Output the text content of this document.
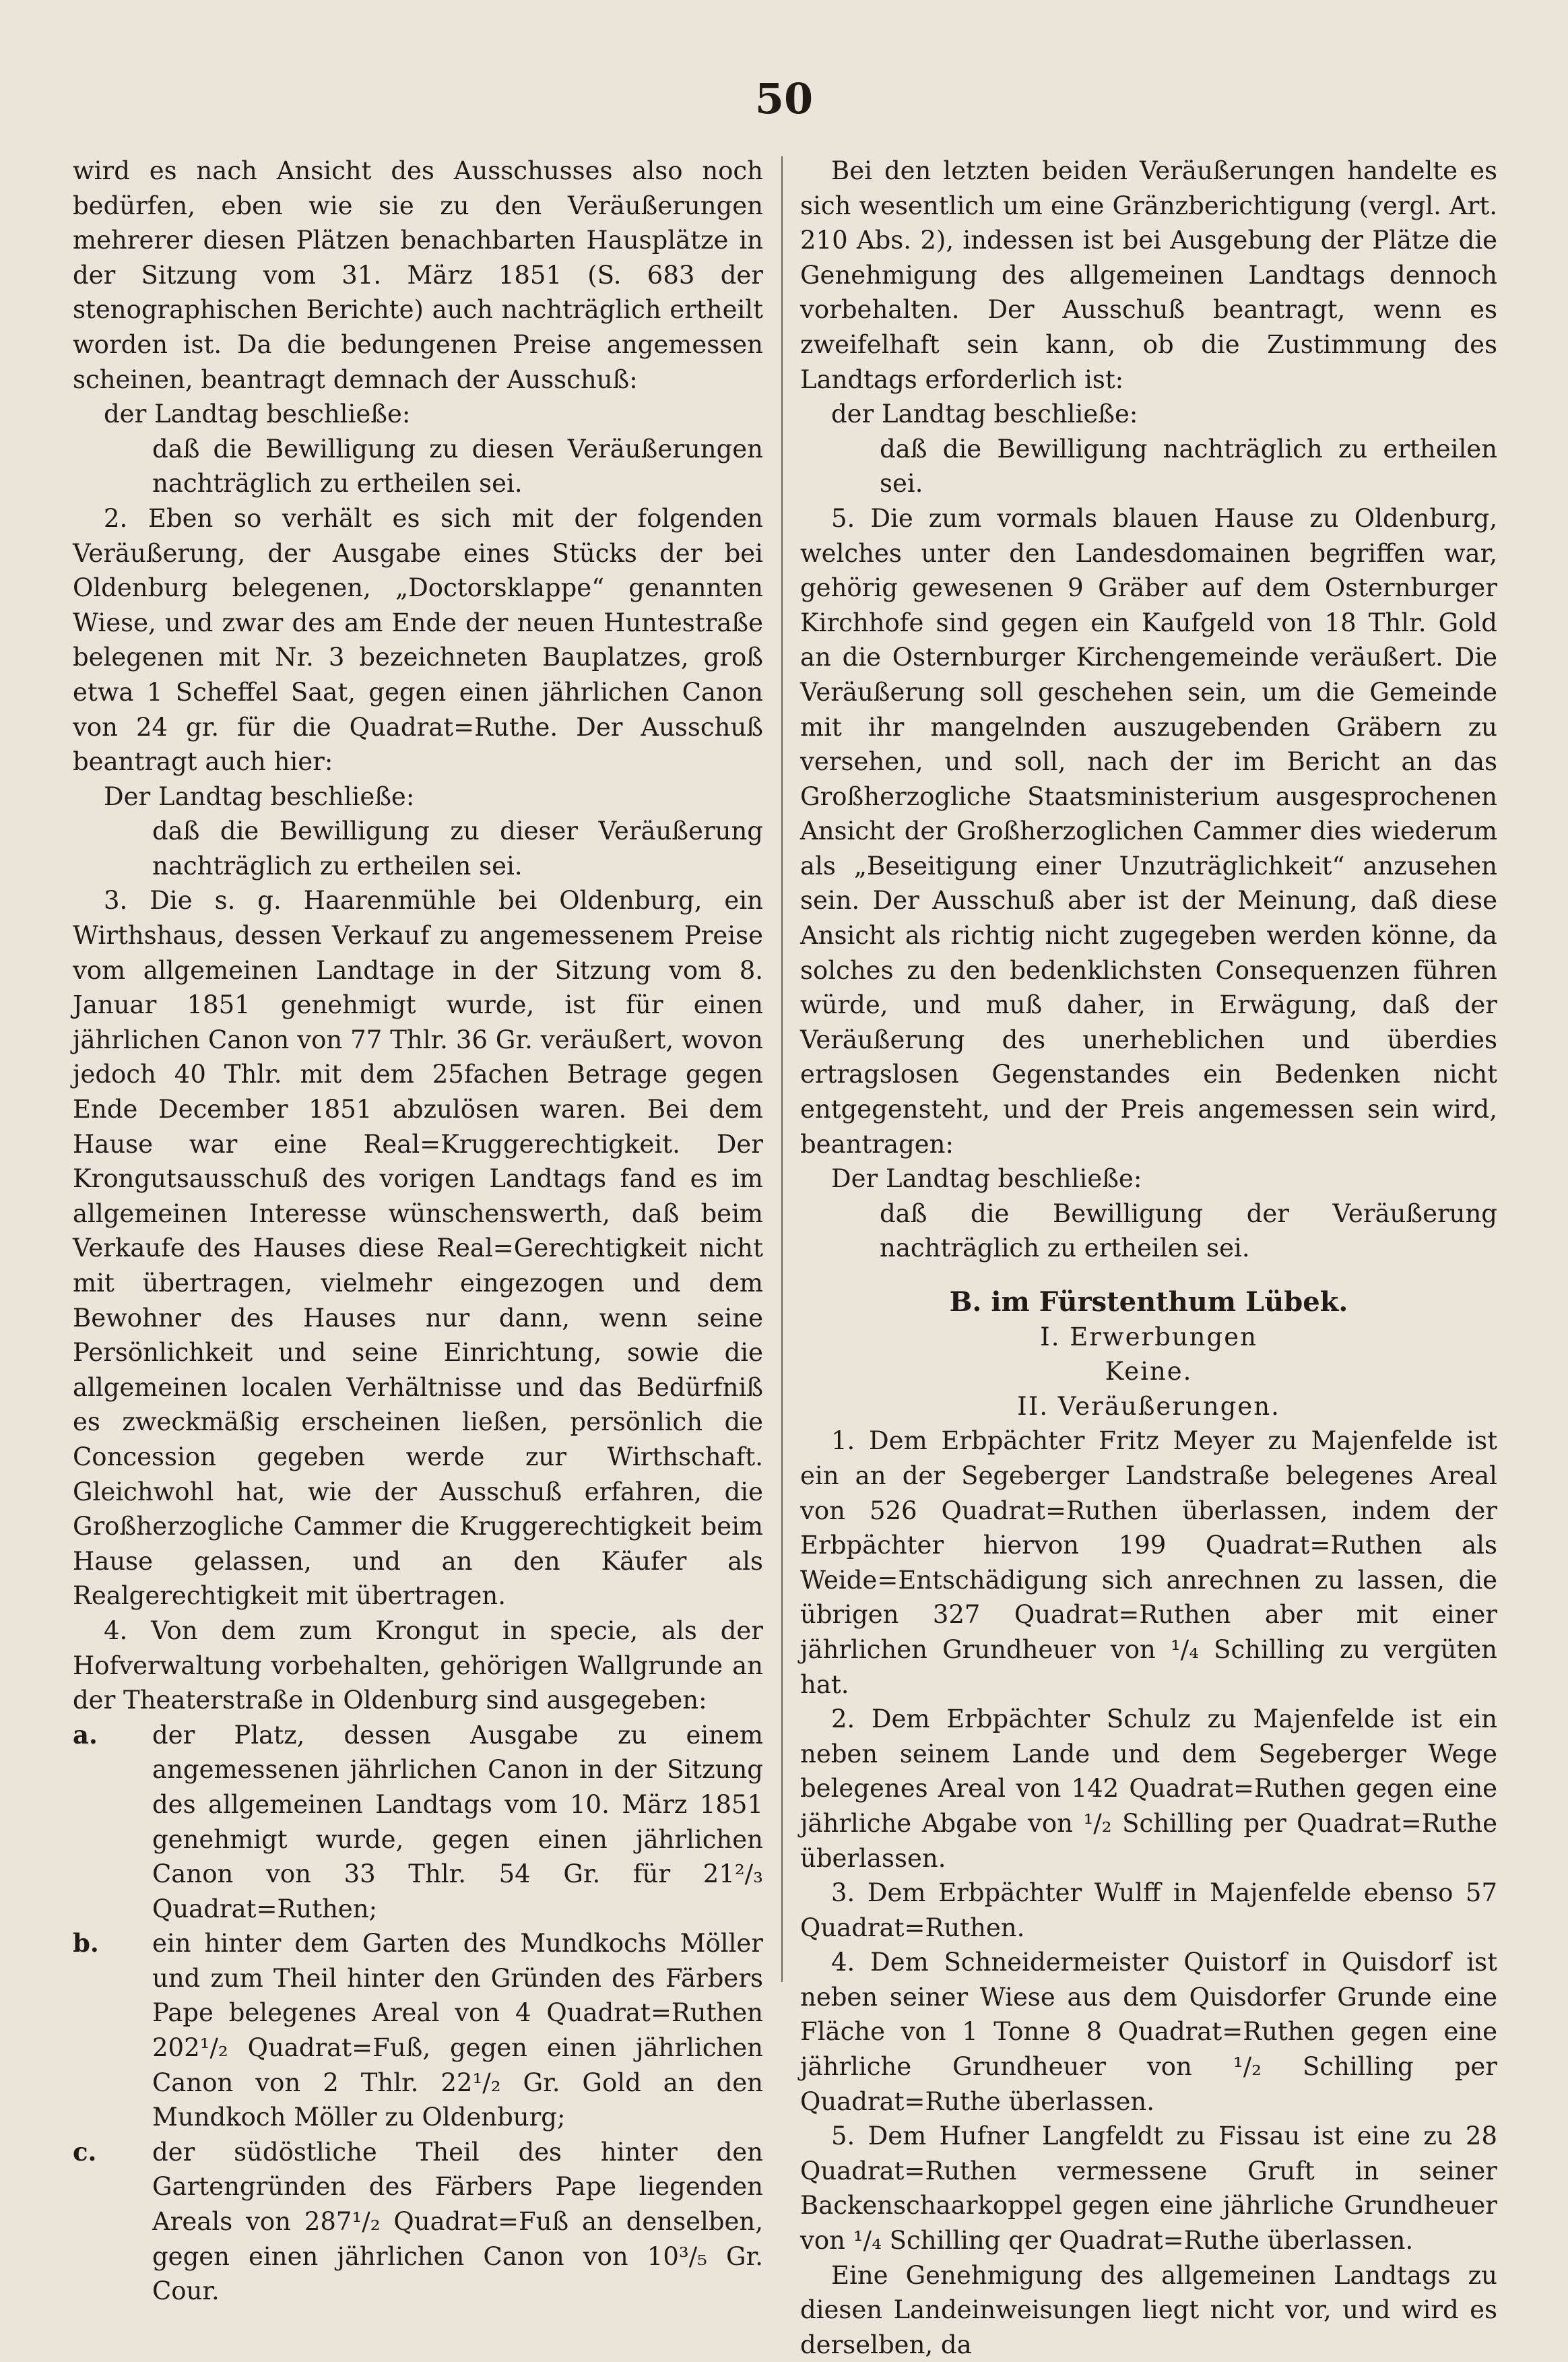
50

wird es nach Ansicht des Ausschusses also noch bedürfen, eben wie sie zu den Veräußerungen mehrerer diesen Plätzen benachbarten Hausplätze in der Sitzung vom 31. März 1851 (S. 683 der stenographischen Berichte) auch nachträglich ertheilt worden ist. Da die bedungenen Preise angemessen scheinen, beantragt demnach der Ausschuß:

der Landtag beschließe:

daß die Bewilligung zu diesen Veräußerungen nachträglich zu ertheilen sei.

2. Eben so verhält es sich mit der folgenden Veräußerung, der Ausgabe eines Stücks der bei Oldenburg belegenen, „Doctorsklappe“ genannten Wiese, und zwar des am Ende der neuen Huntestraße belegenen mit Nr. 3 bezeichneten Bauplatzes, groß etwa 1 Scheffel Saat, gegen einen jährlichen Canon von 24 gr. für die Quadrat=Ruthe. Der Ausschuß beantragt auch hier:

Der Landtag beschließe:

daß die Bewilligung zu dieser Veräußerung nachträglich zu ertheilen sei.

3. Die s. g. Haarenmühle bei Oldenburg, ein Wirthshaus, dessen Verkauf zu angemessenem Preise vom allgemeinen Landtage in der Sitzung vom 8. Januar 1851 genehmigt wurde, ist für einen jährlichen Canon von 77 Thlr. 36 Gr. veräußert, wovon jedoch 40 Thlr. mit dem 25fachen Betrage gegen Ende December 1851 abzulösen waren. Bei dem Hause war eine Real=Kruggerechtigkeit. Der Krongutsausschuß des vorigen Landtags fand es im allgemeinen Interesse wünschenswerth, daß beim Verkaufe des Hauses diese Real=Gerechtigkeit nicht mit übertragen, vielmehr eingezogen und dem Bewohner des Hauses nur dann, wenn seine Persönlichkeit und seine Einrichtung, sowie die allgemeinen localen Verhältnisse und das Bedürfniß es zweckmäßig erscheinen ließen, persönlich die Concession gegeben werde zur Wirthschaft. Gleichwohl hat, wie der Ausschuß erfahren, die Großherzogliche Cammer die Kruggerechtigkeit beim Hause gelassen, und an den Käufer als Realgerechtigkeit mit übertragen.

4. Von dem zum Krongut in specie, als der Hofverwaltung vorbehalten, gehörigen Wallgrunde an der Theaterstraße in Oldenburg sind ausgegeben:

a.	der Platz, dessen Ausgabe zu einem angemessenen jährlichen Canon in der Sitzung des allgemeinen Landtags vom 10. März 1851 genehmigt wurde, gegen einen jährlichen Canon von 33 Thlr. 54 Gr. für 21²/₃ Quadrat=Ruthen;
b.	ein hinter dem Garten des Mundkochs Möller und zum Theil hinter den Gründen des Färbers Pape belegenes Areal von 4 Quadrat=Ruthen 202¹/₂ Quadrat=Fuß, gegen einen jährlichen Canon von 2 Thlr. 22¹/₂ Gr. Gold an den Mundkoch Möller zu Oldenburg;
c.	der südöstliche Theil des hinter den Gartengründen des Färbers Pape liegenden Areals von 287¹/₂ Quadrat=Fuß an denselben, gegen einen jährlichen Canon von 10³/₅ Gr. Cour.

Bei den letzten beiden Veräußerungen handelte es sich wesentlich um eine Gränzberichtigung (vergl. Art. 210 Abs. 2), indessen ist bei Ausgebung der Plätze die Genehmigung des allgemeinen Landtags dennoch vorbehalten. Der Ausschuß beantragt, wenn es zweifelhaft sein kann, ob die Zustimmung des Landtags erforderlich ist:

der Landtag beschließe:

daß die Bewilligung nachträglich zu ertheilen sei.

5. Die zum vormals blauen Hause zu Oldenburg, welches unter den Landesdomainen begriffen war, gehörig gewesenen 9 Gräber auf dem Osternburger Kirchhofe sind gegen ein Kaufgeld von 18 Thlr. Gold an die Osternburger Kirchengemeinde veräußert. Die Veräußerung soll geschehen sein, um die Gemeinde mit ihr mangelnden auszugebenden Gräbern zu versehen, und soll, nach der im Bericht an das Großherzogliche Staatsministerium ausgesprochenen Ansicht der Großherzoglichen Cammer dies wiederum als „Beseitigung einer Unzuträglichkeit“ anzusehen sein. Der Ausschuß aber ist der Meinung, daß diese Ansicht als richtig nicht zugegeben werden könne, da solches zu den bedenklichsten Consequenzen führen würde, und muß daher, in Erwägung, daß der Veräußerung des unerheblichen und überdies ertragslosen Gegenstandes ein Bedenken nicht entgegensteht, und der Preis angemessen sein wird, beantragen:

Der Landtag beschließe:

daß die Bewilligung der Veräußerung nachträglich zu ertheilen sei.

B. im Fürstenthum Lübek.

I. Erwerbungen

Keine.

II. Veräußerungen.

1. Dem Erbpächter Fritz Meyer zu Majenfelde ist ein an der Segeberger Landstraße belegenes Areal von 526 Quadrat=Ruthen überlassen, indem der Erbpächter hiervon 199 Quadrat=Ruthen als Weide=Entschädigung sich anrechnen zu lassen, die übrigen 327 Quadrat=Ruthen aber mit einer jährlichen Grundheuer von ¹/₄ Schilling zu vergüten hat.

2. Dem Erbpächter Schulz zu Majenfelde ist ein neben seinem Lande und dem Segeberger Wege belegenes Areal von 142 Quadrat=Ruthen gegen eine jährliche Abgabe von ¹/₂ Schilling per Quadrat=Ruthe überlassen.

3. Dem Erbpächter Wulff in Majenfelde ebenso 57 Quadrat=Ruthen.

4. Dem Schneidermeister Quistorf in Quisdorf ist neben seiner Wiese aus dem Quisdorfer Grunde eine Fläche von 1 Tonne 8 Quadrat=Ruthen gegen eine jährliche Grundheuer von ¹/₂ Schilling per Quadrat=Ruthe überlassen.

5. Dem Hufner Langfeldt zu Fissau ist eine zu 28 Quadrat=Ruthen vermessene Gruft in seiner Backenschaarkoppel gegen eine jährliche Grundheuer von ¹/₄ Schilling qer Quadrat=Ruthe überlassen.

Eine Genehmigung des allgemeinen Landtags zu diesen Landeinweisungen liegt nicht vor, und wird es derselben, da
